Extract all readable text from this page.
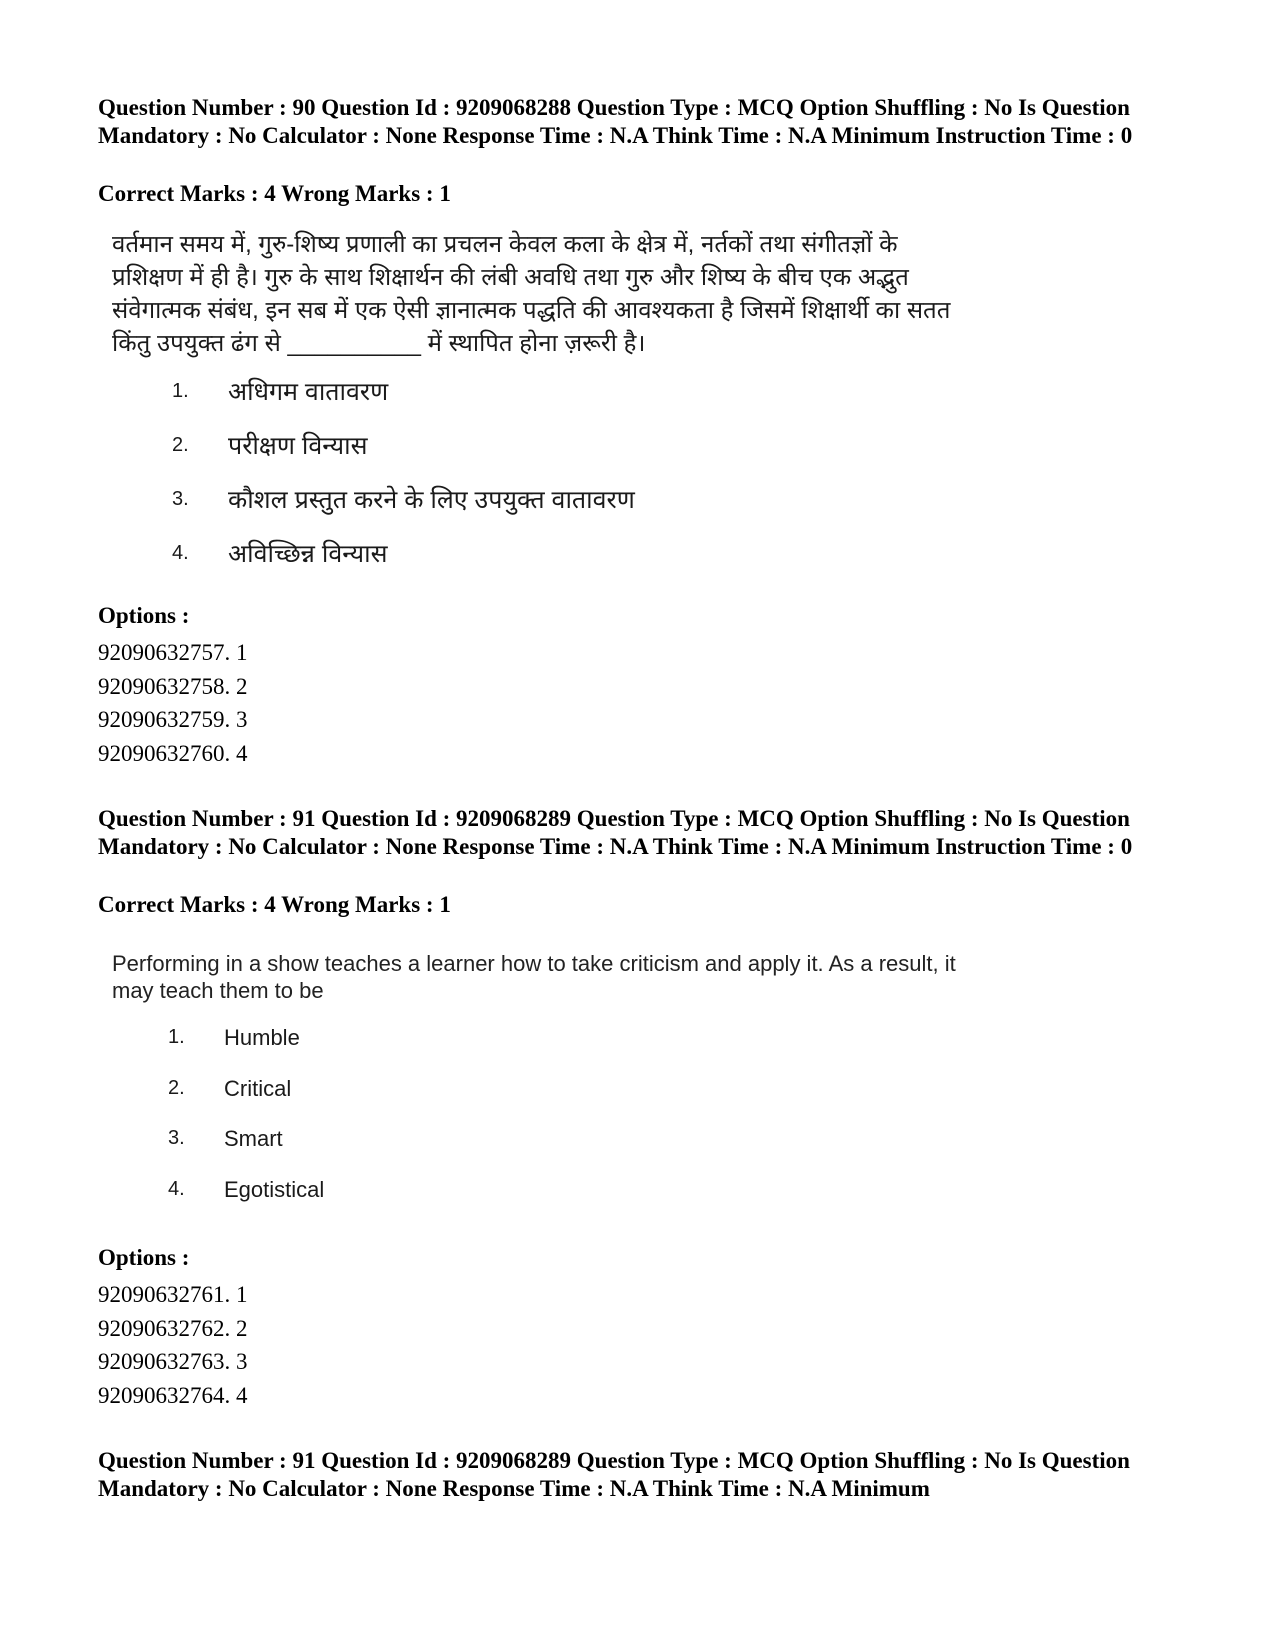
Question Number : 90 Question Id : 9209068288 Question Type : MCQ Option Shuffling : No Is Question Mandatory : No Calculator : None Response Time : N.A Think Time : N.A Minimum Instruction Time : 0

Correct Marks : 4 Wrong Marks : 1

वर्तमान समय में, गुरु-शिष्य प्रणाली का प्रचलन केवल कला के क्षेत्र में, नर्तकों तथा संगीतज्ञों के प्रशिक्षण में ही है। गुरु के साथ शिक्षार्थन की लंबी अवधि तथा गुरु और शिष्य के बीच एक अद्भुत संवेगात्मक संबंध, इन सब में एक ऐसी ज्ञानात्मक पद्धति की आवश्यकता है जिसमें शिक्षार्थी का सतत किंतु उपयुक्त ढंग से __________ में स्थापित होना ज़रूरी है।

1. अधिगम वातावरण
2. परीक्षण विन्यास
3. कौशल प्रस्तुत करने के लिए उपयुक्त वातावरण
4. अविच्छिन्न विन्यास

Options :

92090632757. 1
92090632758. 2
92090632759. 3
92090632760. 4

Question Number : 91 Question Id : 9209068289 Question Type : MCQ Option Shuffling : No Is Question Mandatory : No Calculator : None Response Time : N.A Think Time : N.A Minimum Instruction Time : 0

Correct Marks : 4 Wrong Marks : 1

Performing in a show teaches a learner how to take criticism and apply it. As a result, it may teach them to be

1. Humble
2. Critical
3. Smart
4. Egotistical

Options :

92090632761. 1
92090632762. 2
92090632763. 3
92090632764. 4

Question Number : 91 Question Id : 9209068289 Question Type : MCQ Option Shuffling : No Is Question Mandatory : No Calculator : None Response Time : N.A Think Time : N.A Minimum
